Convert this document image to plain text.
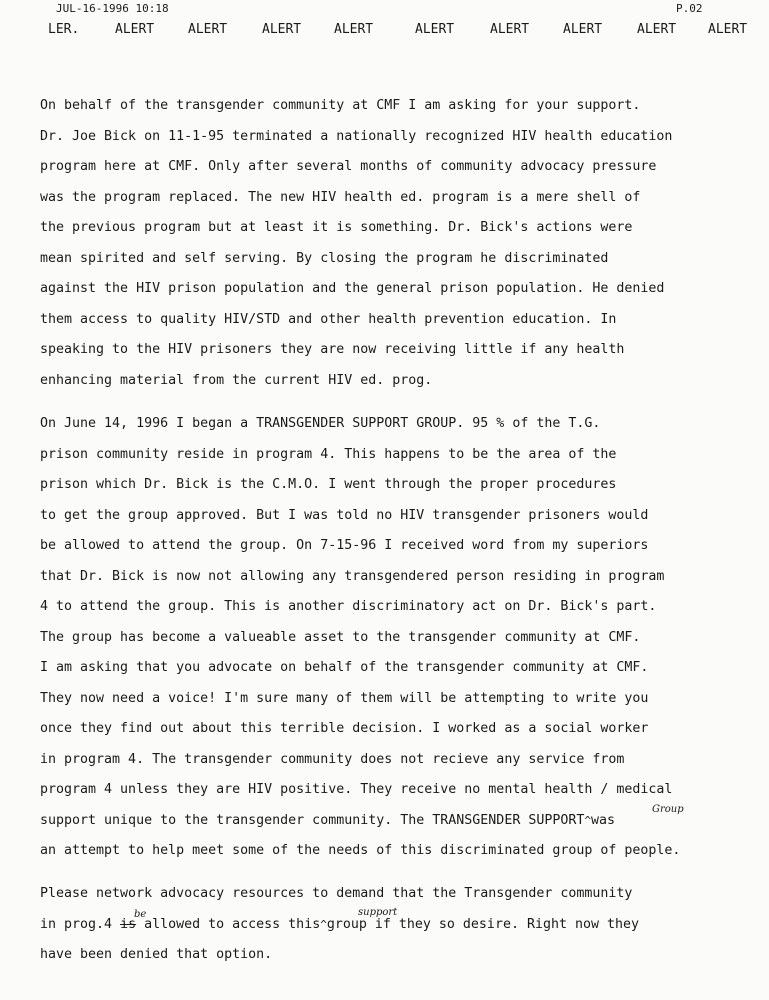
JUL-16-1996 10:18	P.02
LER.	ALERT	ALERT	ALERT	ALERT	ALERT	ALERT	ALERT	ALERT ALERT
On behalf of the transgender community at CMF I am asking for your support.
Dr. Joe Bick on 11-1-95 terminated a nationally recognized HIV health education
program here at CMF. Only after several months of community advocacy pressure
was the program replaced. The new HIV health ed. program is a mere shell of
the previous program but at least it is something. Dr. Bick's actions were
mean spirited and self serving. By closing the program he discriminated
against the HIV prison population and the general prison population. He denied
them access to quality HIV/STD and other health prevention education. In
speaking to the HIV prisoners they are now receiving little if any health
enhancing material from the current HIV ed. prog.
On June 14, 1996 I began a TRANSGENDER SUPPORT GROUP. 95 % of the T.G.
prison community reside in program 4. This happens to be the area of the
prison which Dr. Bick is the C.M.O. I went through the proper procedures
to get the group approved. But I was told no HIV transgender prisoners would
be allowed to attend the group. On 7-15-96 I received word from my superiors
that Dr. Bick is now not allowing any transgendered person residing in program
4 to attend the group. This is another discriminatory act on Dr. Bick's part.
The group has become a valueable asset to the transgender community at CMF.
I am asking that you advocate on behalf of the transgender community at CMF.
They now need a voice! I'm sure many of them will be attempting to write you
once they find out about this terrible decision. I worked as a social worker
in program 4. The transgender community does not recieve any service from
program 4 unless they are HIV positive. They receive no mental health / medical
support unique to the transgender community. The TRANSGENDER SUPPORT^was
Group
an attempt to help meet some of the needs of this discriminated group of people.
Please network advocacy resources to demand that the Transgender community
in prog.4 is allowed to access this^group if they so desire. Right now they
be	support
have been denied that option.
